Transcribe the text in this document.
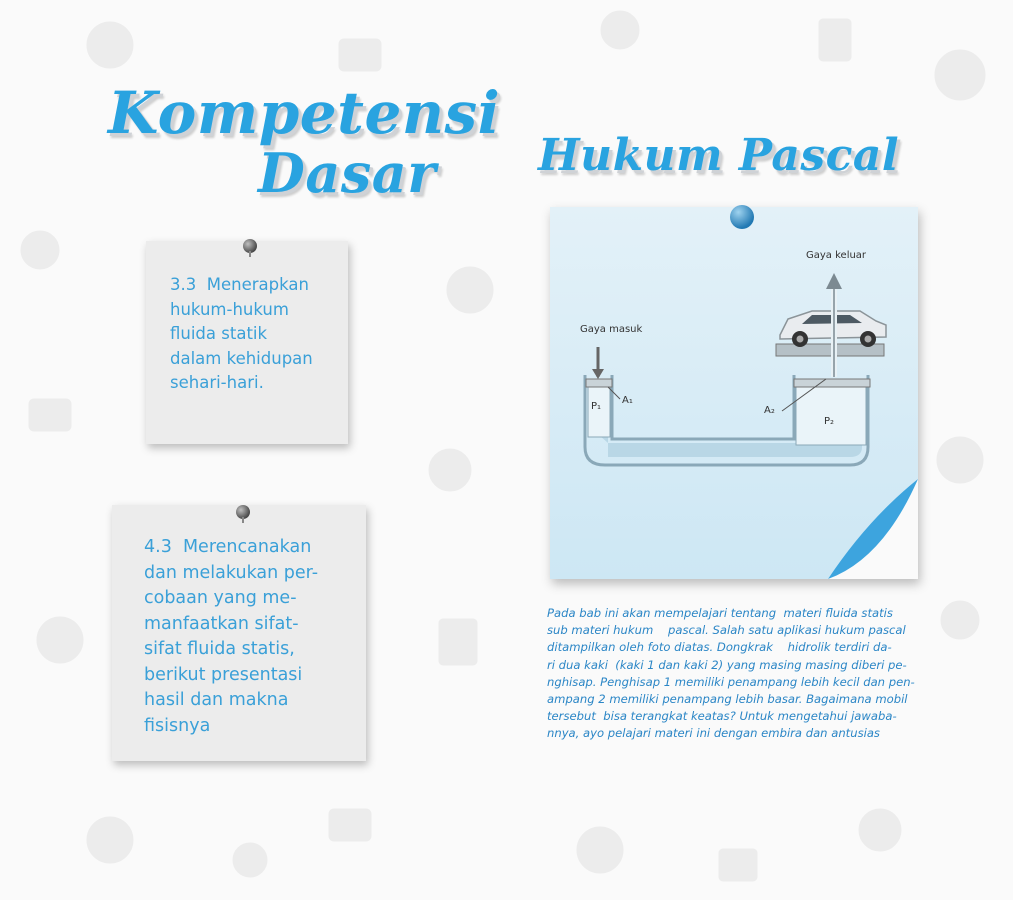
Kompetensi
Dasar Hukum Pascal
3.3  Menerapkan
hukum-hukum
fluida statik
dalam kehidupan
sehari-hari.
4.3  Merencanakan
dan melakukan per-
cobaan yang me-
manfaatkan sifat-
sifat fluida statis,
berikut presentasi
hasil dan makna
fisisnya
Gaya masuk
Gaya keluar
A₁
A₂
P₁
P₂
Pada bab ini akan mempelajari tentang  materi fluida statis
sub materi hukum    pascal. Salah satu aplikasi hukum pascal
ditampilkan oleh foto diatas. Dongkrak    hidrolik terdiri da-
ri dua kaki  (kaki 1 dan kaki 2) yang masing masing diberi pe-
nghisap. Penghisap 1 memiliki penampang lebih kecil dan pen-
ampang 2 memiliki penampang lebih basar. Bagaimana mobil
tersebut  bisa terangkat keatas? Untuk mengetahui jawaba-
nnya, ayo pelajari materi ini dengan embira dan antusias
